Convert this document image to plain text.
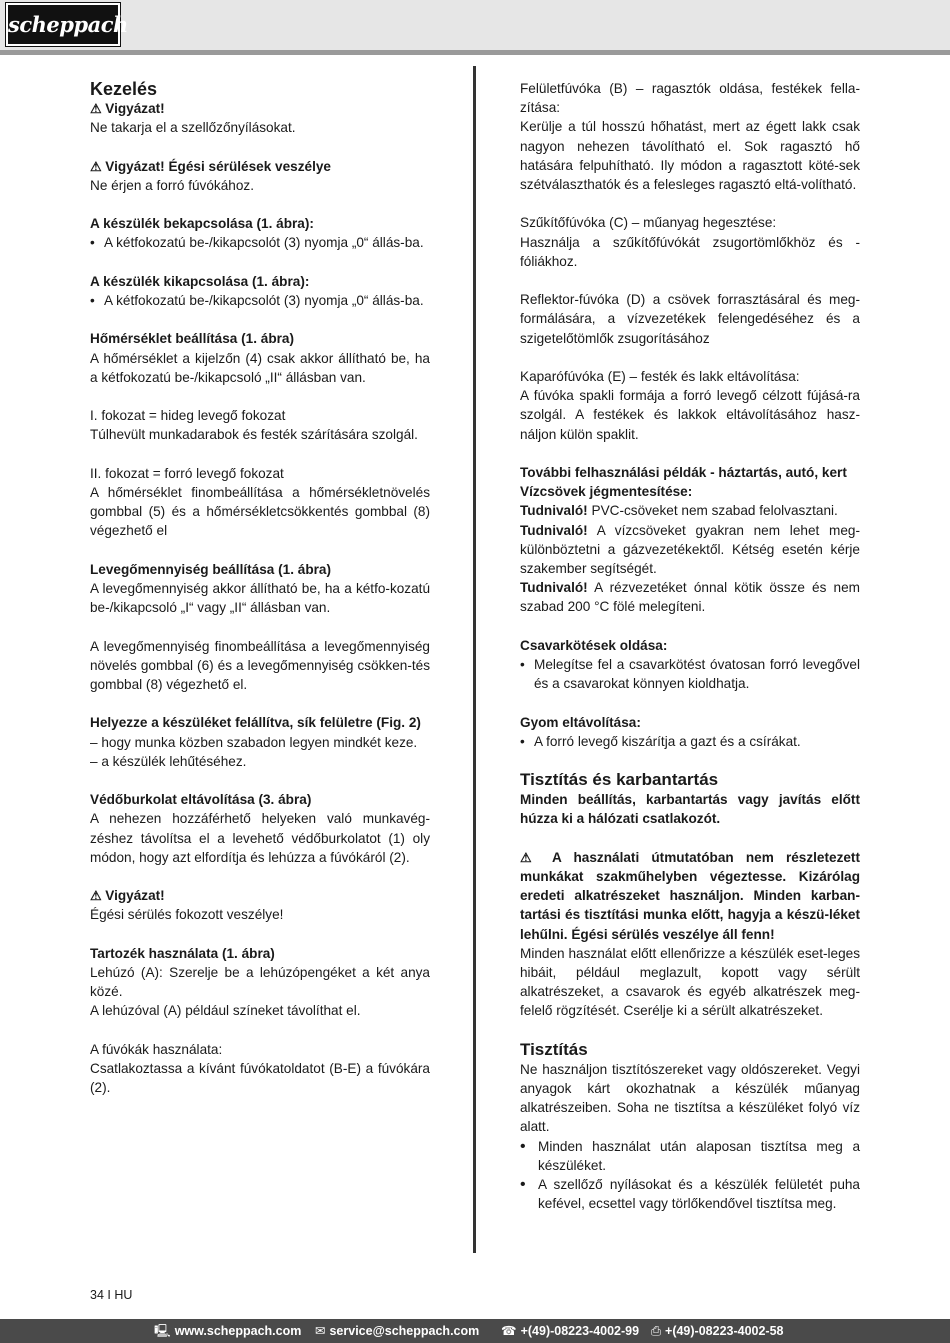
scheppach
Kezelés
⚠ Vigyázat!

Ne takarja el a szellőzőnyílásokat.

⚠ Vigyázat! Égési sérülések veszélye

Ne érjen a forró fúvókához.

A készülék bekapcsolása (1. ábra):
• A kétfokozatú be-/kikapcsolót (3) nyomja „0“ állás-ba.
A készülék kikapcsolása (1. ábra):
• A kétfokozatú be-/kikapcsolót (3) nyomja „0“ állás-ba.
Hőmérséklet beállítása (1. ábra)

A hőmérséklet a kijelzőn (4) csak akkor állítható be, ha a kétfokozatú be-/kikapcsoló „II“ állásban van.

I. fokozat = hideg levegő fokozat

Túlhevült munkadarabok és festék szárítására szolgál.

II. fokozat = forró levegő fokozat

A hőmérséklet finombeállítása a hőmérsékletnövelés gombbal (5) és a hőmérsékletcsökkentés gombbal (8) végezhető el

Levegőmennyiség beállítása (1. ábra)

A levegőmennyiség akkor állítható be, ha a kétfo-kozatú be-/kikapcsoló „I“ vagy „II“ állásban van.

A levegőmennyiség finombeállítása a levegőmennyiség növelés gombbal (6) és a levegőmennyiség csökken-tés gombbal (8) végezhető el.

Helyezze a készüléket felállítva, sík felületre (Fig. 2)
– hogy munka közben szabadon legyen mindkét keze.

– a készülék lehűtéséhez.

Védőburkolat eltávolítása (3. ábra)

A nehezen hozzáférhető helyeken való munkavég-zéshez távolítsa el a levehető védőburkolatot (1) oly módon, hogy azt elfordítja és lehúzza a fúvókáról (2).

⚠ Vigyázat!

Égési sérülés fokozott veszélye!

Tartozék használata (1. ábra)
Lehúzó (A): Szerelje be a lehúzópengéket a két anya közé.

A lehúzóval (A) például színeket távolíthat el.

A fúvókák használata:

Csatlakoztassa a kívánt fúvókatoldatot (B-E) a fúvókára (2).

Felületfúvóka (B) – ragasztók oldása, festékek fella-zítása:

Kerülje a túl hosszú hőhatást, mert az égett lakk csak nagyon nehezen távolítható el. Sok ragasztó hő hatására felpuhítható. Ily módon a ragasztott köté-sek szétválaszthatók és a felesleges ragasztó eltá-volítható.

Szűkítőfúvóka (C) – műanyag hegesztése:

Használja a szűkítőfúvókát zsugortömlőkhöz és -fóliákhoz.

Reflektor-fúvóka (D) a csövek forrasztásáral és meg-formálására, a vízvezetékek felengedéséhez és a szigetelőtömlők zsugorításához

Kaparófúvóka (E) – festék és lakk eltávolítása:

A fúvóka spakli formája a forró levegő célzott fújásá-ra szolgál. A festékek és lakkok eltávolításához hasz-náljon külön spaklit.

További felhasználási példák - háztartás, autó, kert
Vízcsövek jégmentesítése:
Tudnivaló! PVC-csöveket nem szabad felolvasztani.
Tudnivaló! A vízcsöveket gyakran nem lehet meg-különböztetni a gázvezetékektől. Kétség esetén kérje szakember segítségét.

Tudnivaló! A rézvezetéket ónnal kötik össze és nem szabad 200 °C fölé melegíteni.

Csavarkötések oldása:
• Melegítse fel a csavarkötést óvatosan forró levegővel és a csavarokat könnyen kioldhatja.
Gyom eltávolítása:
• A forró levegő kiszárítja a gazt és a csírákat.
Tisztítás és karbantartás

Minden beállítás, karbantartás vagy javítás előtt húzza ki a hálózati csatlakozót.

⚠ A használati útmutatóban nem részletezett munkákat szakműhelyben végeztesse. Kizárólag eredeti alkatrészeket használjon. Minden karban-tartási és tisztítási munka előtt, hagyja a készü-léket lehűlni. Égési sérülés veszélye áll fenn!

Minden használat előtt ellenőrizze a készülék eset-leges hibáit, például meglazult, kopott vagy sérült alkatrészeket, a csavarok és egyéb alkatrészek meg-felelő rögzítését. Cserélje ki a sérült alkatrészeket.

Tisztítás
Ne használjon tisztítószereket vagy oldószereket. Vegyi anyagok kárt okozhatnak a készülék műanyag alkatrészeiben. Soha ne tisztítsa a készüléket folyó víz alatt.
• Minden használat után alaposan tisztítsa meg a készüléket.
• A szellőző nyílásokat és a készülék felületét puha kefével, ecsettel vagy törlőkendővel tisztítsa meg.
34 I HU
🖳 www.scheppach.com ✉ service@scheppach.com ☎ +(49)-08223-4002-99 ⎙ +(49)-08223-4002-58
